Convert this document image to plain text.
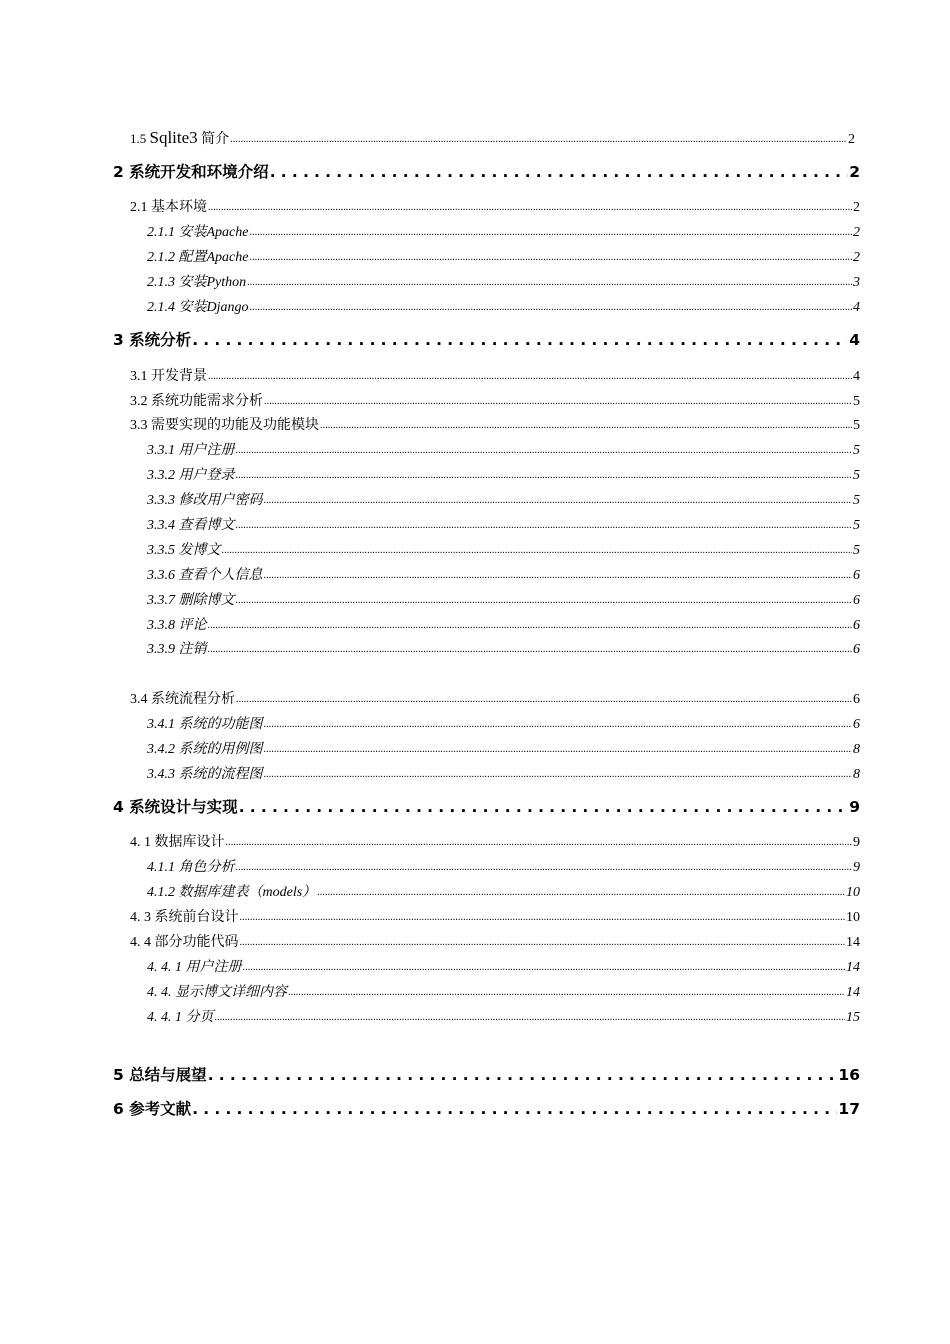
1.5 Sqlite3 简介 .....	2
2 系统开发和环境介绍 .....	2
2.1 基本环境 .....	2
2.1.1 安装Apache .....	2
2.1.2 配置Apache .....	2
2.1.3 安装Python .....	3
2.1.4 安装Django .....	4
3 系统分析 .....	4
3.1 开发背景 .....	4
3.2 系统功能需求分析 .....	5
3.3 需要实现的功能及功能模块 .....	5
3.3.1 用户注册 .....	5
3.3.2 用户登录 .....	5
3.3.3 修改用户密码 .....	5
3.3.4 查看博文 .....	5
3.3.5 发博文 .....	5
3.3.6 查看个人信息 .....	6
3.3.7 删除博文 .....	6
3.3.8 评论 .....	6
3.3.9 注销 .....	6
3.4 系统流程分析 .....	6
3.4.1 系统的功能图 .....	6
3.4.2 系统的用例图 .....	8
3.4.3 系统的流程图 .....	8
4 系统设计与实现 .....	9
4. 1 数据库设计 .....	9
4.1.1 角色分析 .....	9
4.1.2 数据库建表（models） .....	10
4. 3 系统前台设计 .....	10
4. 4 部分功能代码 .....	14
4. 4. 1 用户注册 .....	14
4. 4. 显示博文详细内容 .....	14
4. 4. 1 分页 .....	15
5 总结与展望 .....	16
6 参考文献 .....	17
